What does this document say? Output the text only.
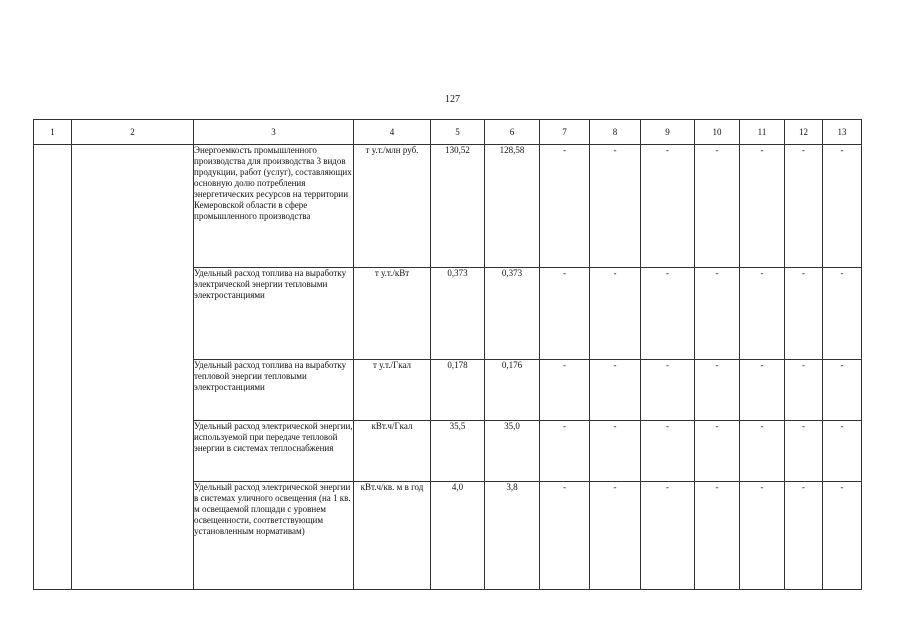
127
1	2	3	4	5	6	7	8	9	10	11	12	13
		Энергоемкость промышленного производства для производства 3 видов продукции, работ (услуг), составляющих основную долю потребления энергетических ресурсов на территории Кемеровской области в сфере промышленного производства	т у.т./млн руб.	130,52	128,58	-	-	-	-	-	-	-
		Удельный расход топлива на выработку электрической энергии тепловыми электростанциями	т у.т./кВт	0,373	0,373	-	-	-	-	-	-	-
		Удельный расход топлива на выработку тепловой энергии тепловыми электростанциями	т у.т./Гкал	0,178	0,176	-	-	-	-	-	-	-
		Удельный расход электрической энергии, используемой при передаче тепловой энергии в системах теплоснабжения	кВт.ч/Гкал	35,5	35,0	-	-	-	-	-	-	-
		Удельный расход электрической энергии в системах уличного освещения (на 1 кв. м освещаемой площади с уровнем освещенности, соответствующим установленным нормативам)	кВт.ч/кв. м в год	4,0	3,8	-	-	-	-	-	-	-
